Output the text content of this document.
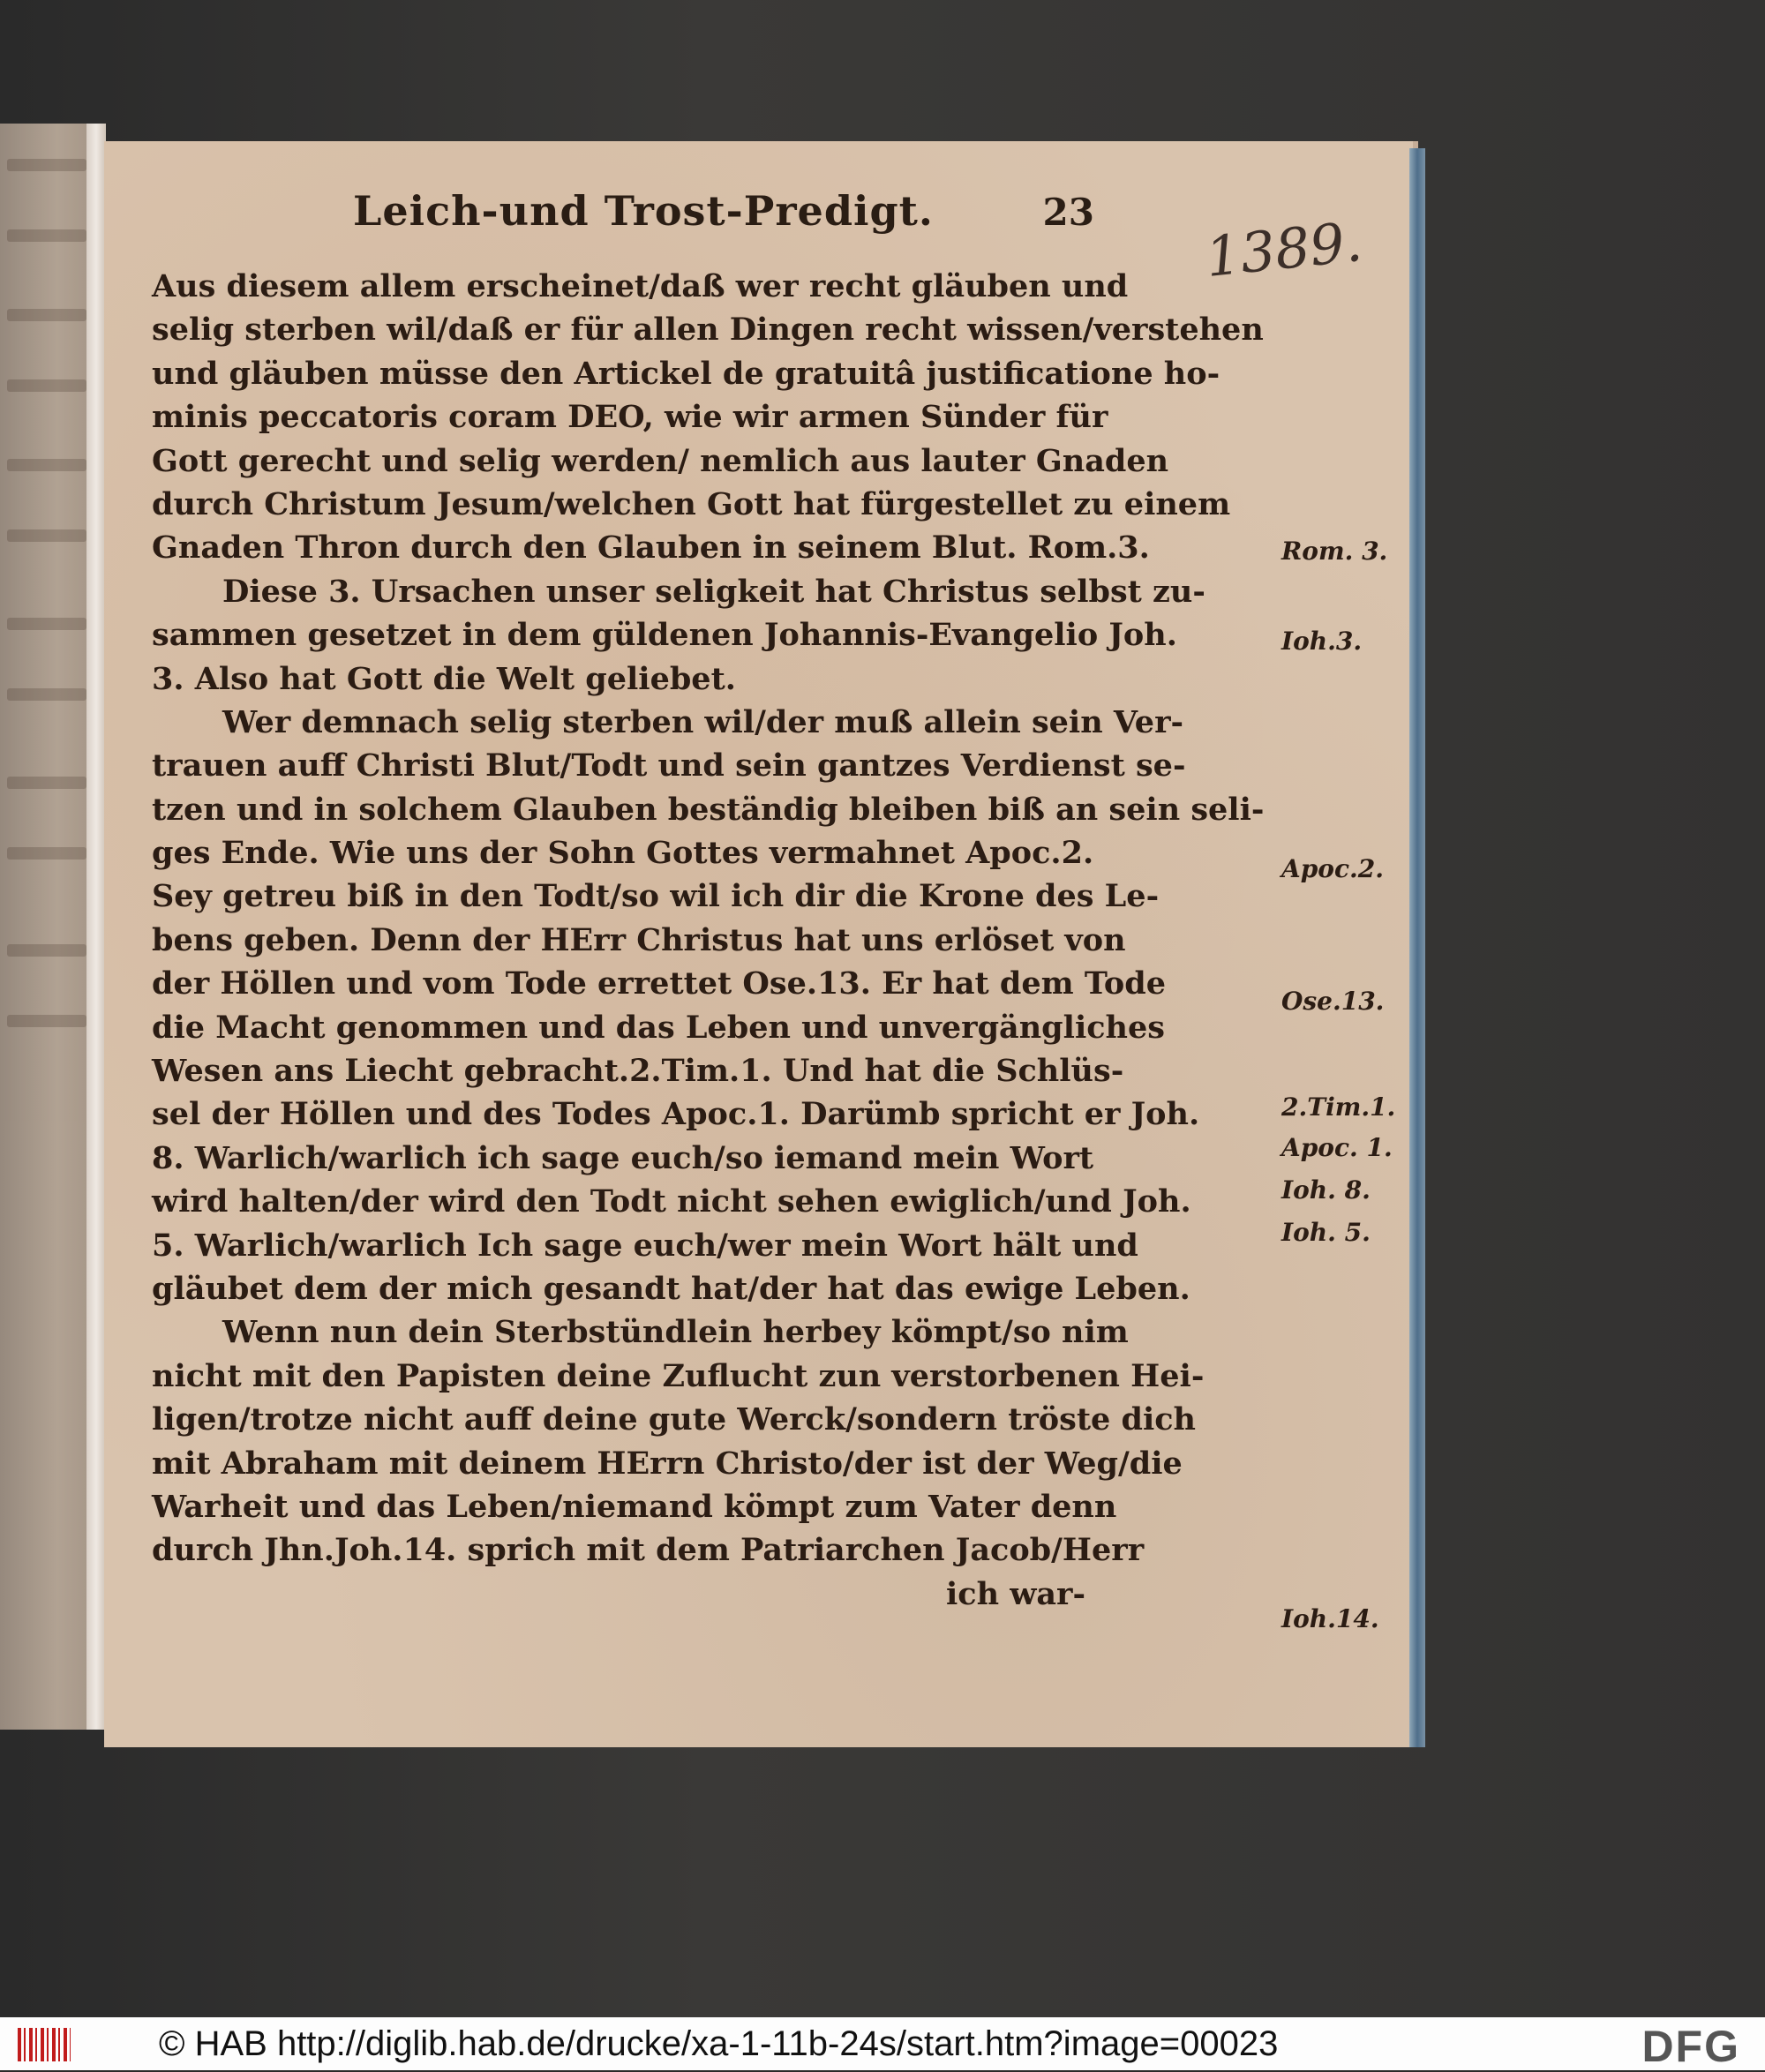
Leich-und Trost-Predigt.	23 1389.
Aus diesem allem erscheinet/daß wer recht gläuben und
selig sterben wil/daß er für allen Dingen recht wissen/verstehen
und gläuben müsse den Artickel de gratuitâ justificatione ho-
minis peccatoris coram DEO, wie wir armen Sünder für
Gott gerecht und selig werden/ nemlich aus lauter Gnaden
durch Christum Jesum/welchen Gott hat fürgestellet zu einem
Gnaden Thron durch den Glauben in seinem Blut. Rom.3.
Diese 3. Ursachen unser seligkeit hat Christus selbst zu-
sammen gesetzet in dem güldenen Johannis-Evangelio Joh.
3. Also hat Gott die Welt geliebet.
Wer demnach selig sterben wil/der muß allein sein Ver-
trauen auff Christi Blut/Todt und sein gantzes Verdienst se-
tzen und in solchem Glauben beständig bleiben biß an sein seli-
ges Ende. Wie uns der Sohn Gottes vermahnet Apoc.2.
Sey getreu biß in den Todt/so wil ich dir die Krone des Le-
bens geben. Denn der HErr Christus hat uns erlöset von
der Höllen und vom Tode errettet Ose.13. Er hat dem Tode
die Macht genommen und das Leben und unvergängliches
Wesen ans Liecht gebracht.2.Tim.1. Und hat die Schlüs-
sel der Höllen und des Todes Apoc.1. Darümb spricht er Joh.
8. Warlich/warlich ich sage euch/so iemand mein Wort
wird halten/der wird den Todt nicht sehen ewiglich/und Joh.
5. Warlich/warlich Ich sage euch/wer mein Wort hält und
gläubet dem der mich gesandt hat/der hat das ewige Leben.
Wenn nun dein Sterbstündlein herbey kömpt/so nim
nicht mit den Papisten deine Zuflucht zun verstorbenen Hei-
ligen/trotze nicht auff deine gute Werck/sondern tröste dich
mit Abraham mit deinem HErrn Christo/der ist der Weg/die
Warheit und das Leben/niemand kömpt zum Vater denn
durch Jhn.Joh.14. sprich mit dem Patriarchen Jacob/Herr
ich war-
Rom. 3.
Ioh.3.
Apoc.2.
Ose.13.
2.Tim.1.
Apoc. 1.
Ioh. 8.
Ioh. 5.
Ioh.14.
© HAB http://diglib.hab.de/drucke/xa-1-11b-24s/start.htm?image=00023	DFG
